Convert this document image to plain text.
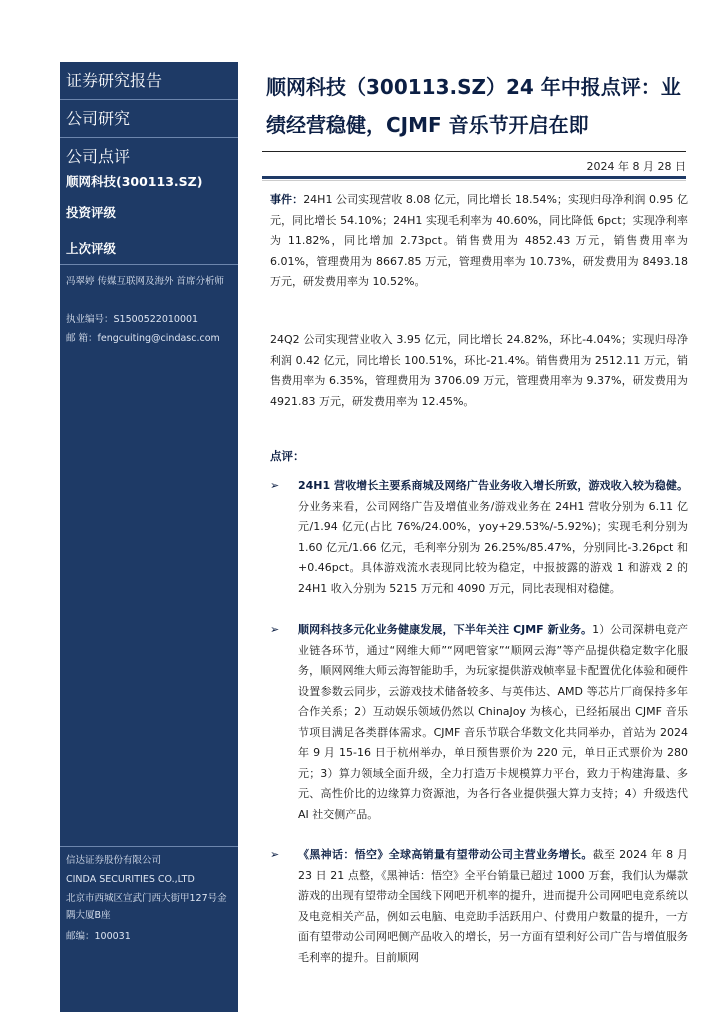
证券研究报告
公司研究
公司点评
顺网科技(300113.SZ)
投资评级
上次评级
冯翠婷 传媒互联网及海外 首席分析师
执业编号：S1500522010001
邮 箱：fengcuiting@cindasc.com
信达证券股份有限公司
CINDA SECURITIES CO.,LTD
北京市西城区宣武门西大街甲127号金隅大厦B座
邮编：100031
顺网科技（300113.SZ）24 年中报点评：业绩经营稳健，CJMF 音乐节开启在即
2024 年 8 月 28 日
事件：24H1 公司实现营收 8.08 亿元，同比增长 18.54%；实现归母净利润 0.95 亿元，同比增长 54.10%；24H1 实现毛利率为 40.60%，同比降低 6pct；实现净利率为 11.82%，同比增加 2.73pct。销售费用为 4852.43 万元，销售费用率为 6.01%，管理费用为 8667.85 万元，管理费用率为 10.73%，研发费用为 8493.18 万元，研发费用率为 10.52%。
24Q2 公司实现营业收入 3.95 亿元，同比增长 24.82%，环比-4.04%；实现归母净利润 0.42 亿元，同比增长 100.51%，环比-21.4%。销售费用为 2512.11 万元，销售费用率为 6.35%，管理费用为 3706.09 万元，管理费用率为 9.37%，研发费用为 4921.83 万元，研发费用率为 12.45%。
点评：
➢ 24H1 营收增长主要系商城及网络广告业务收入增长所致，游戏收入较为稳健。分业务来看，公司网络广告及增值业务/游戏业务在 24H1 营收分别为 6.11 亿元/1.94 亿元(占比 76%/24.00%，yoy+29.53%/-5.92%)；实现毛利分别为 1.60 亿元/1.66 亿元，毛利率分别为 26.25%/85.47%，分别同比-3.26pct 和+0.46pct。具体游戏流水表现同比较为稳定，中报披露的游戏 1 和游戏 2 的 24H1 收入分别为 5215 万元和 4090 万元，同比表现相对稳健。
➢ 顺网科技多元化业务健康发展，下半年关注 CJMF 新业务。1）公司深耕电竞产业链各环节，通过“网维大师”“网吧管家”“顺网云海”等产品提供稳定数字化服务，顺网网维大师云海智能助手，为玩家提供游戏帧率显卡配置优化体验和硬件设置参数云同步，云游戏技术储备较多、与英伟达、AMD 等芯片厂商保持多年合作关系；2）互动娱乐领域仍然以 ChinaJoy 为核心，已经拓展出 CJMF 音乐节项目满足各类群体需求。CJMF 音乐节联合华数文化共同举办，首站为 2024 年 9 月 15-16 日于杭州举办，单日预售票价为 220 元，单日正式票价为 280 元；3）算力领域全面升级，全力打造万卡规模算力平台，致力于构建海量、多元、高性价比的边缘算力资源池，为各行各业提供强大算力支持；4）升级迭代 AI 社交侧产品。
➢ 《黑神话：悟空》全球高销量有望带动公司主营业务增长。截至 2024 年 8 月 23 日 21 点整，《黑神话：悟空》全平台销量已超过 1000 万套，我们认为爆款游戏的出现有望带动全国线下网吧开机率的提升，进而提升公司网吧电竞系统以及电竞相关产品，例如云电脑、电竞助手活跃用户、付费用户数量的提升，一方面有望带动公司网吧侧产品收入的增长，另一方面有望利好公司广告与增值服务毛利率的提升。目前顺网
